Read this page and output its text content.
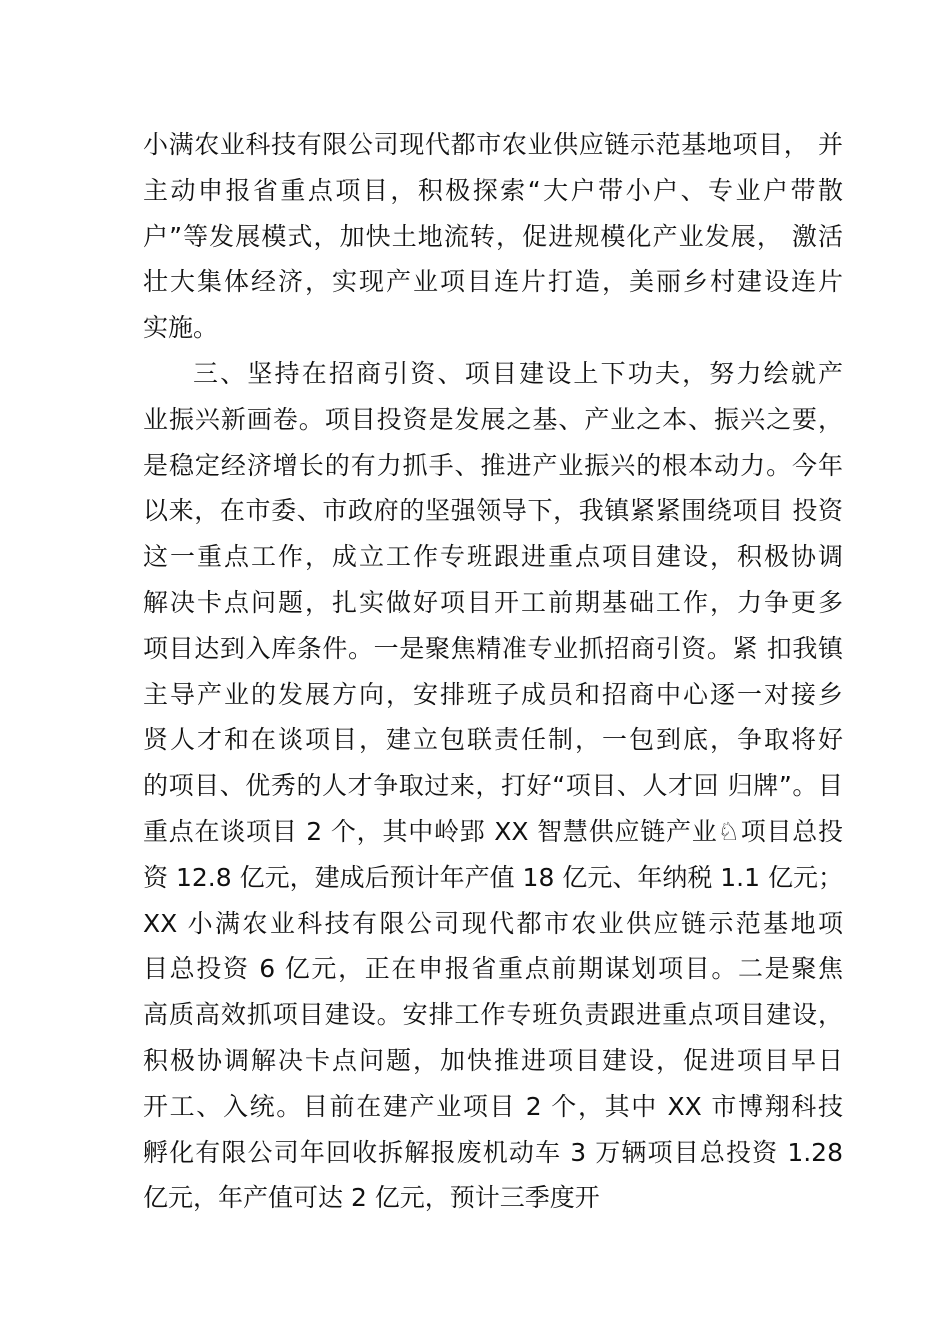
小满农业科技有限公司现代都市农业供应链示范基地项目， 并
主动申报省重点项目，积极探索“大户带小户、专业户带散
户”等发展模式，加快土地流转，促进规模化产业发展， 激活
壮大集体经济，实现产业项目连片打造，美丽乡村建设连片
实施。
三、坚持在招商引资、项目建设上下功夫，努力绘就产
业振兴新画卷。项目投资是发展之基、产业之本、振兴之要，
是稳定经济增长的有力抓手、推进产业振兴的根本动力。今年
以来，在市委、市政府的坚强领导下，我镇紧紧围绕项目 投资
这一重点工作，成立工作专班跟进重点项目建设，积极协调
解决卡点问题，扎实做好项目开工前期基础工作，力争更多
项目达到入库条件。一是聚焦精准专业抓招商引资。紧 扣我镇
主导产业的发展方向，安排班子成员和招商中心逐一对接乡
贤人才和在谈项目，建立包联责任制，一包到底，争取将好
的项目、优秀的人才争取过来，打好“项目、人才回 归牌”。目
重点在谈项目 2 个，其中岭郢 XX 智慧供应链产业♘项目总投
资 12.8 亿元，建成后预计年产值 18 亿元、年纳税 1.1 亿元；
XX 小满农业科技有限公司现代都市农业供应链示范基地项
目总投资 6 亿元，正在申报省重点前期谋划项目。二是聚焦
高质高效抓项目建设。安排工作专班负责跟进重点项目建设，
积极协调解决卡点问题，加快推进项目建设，促进项目早日
开工、入统。目前在建产业项目 2 个，其中 XX 市博翔科技
孵化有限公司年回收拆解报废机动车 3 万辆项目总投资 1.28
亿元，年产值可达 2 亿元，预计三季度开
